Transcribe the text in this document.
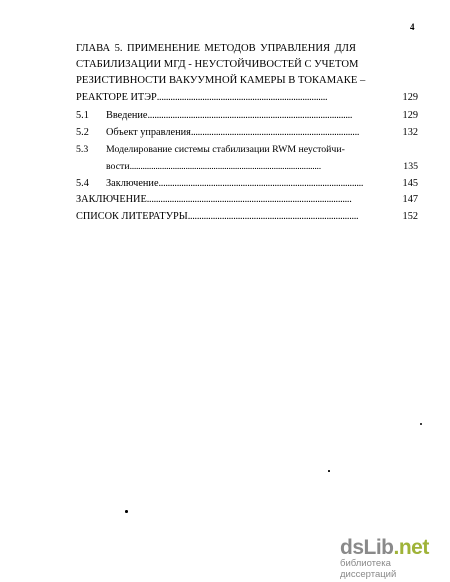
4
ГЛАВА 5. ПРИМЕНЕНИЕ МЕТОДОВ УПРАВЛЕНИЯ ДЛЯ
СТАБИЛИЗАЦИИ МГД - НЕУСТОЙЧИВОСТЕЙ С УЧЕТОМ
РЕЗИСТИВНОСТИ ВАКУУМНОЙ КАМЕРЫ В ТОКАМАКЕ –
РЕАКТОРЕ ИТЭР ...........................................................................	129
5.1	Введение ..........................................................................................	129
5.2	Объект управления ..........................................................................	132
5.3	Моделирование системы стабилизации RWM неустойчи-
вости .........................................................................................	135
5.4	Заключение ..........................................................................................	145
ЗАКЛЮЧЕНИЕ ..........................................................................................	147
СПИСОК ЛИТЕРАТУРЫ ...........................................................................	152
dsLib.net
библиотека диссертаций
